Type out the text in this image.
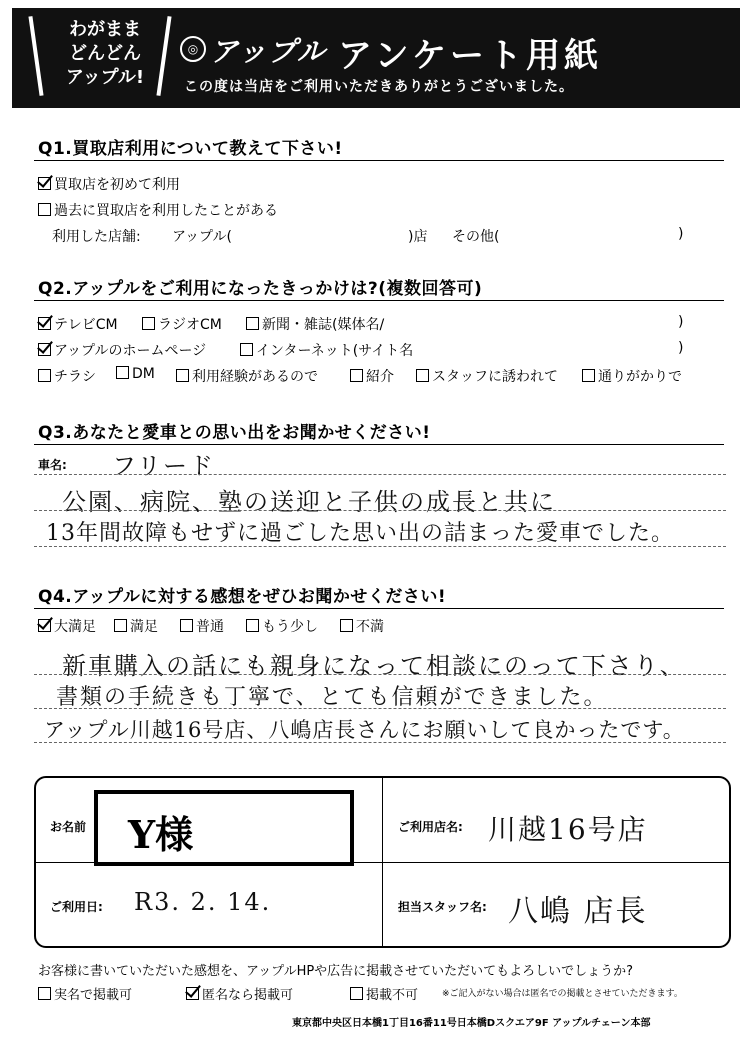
わがまま
どんどん
アップル!
◎ アップル アンケート用紙
この度は当店をご利用いただきありがとうございました。
Q1.買取店利用について教えて下さい!
買取店を初めて利用
過去に買取店を利用したことがある
利用した店舗: アップル(	)店 その他(	)
Q2.アップルをご利用になったきっかけは?(複数回答可)
テレビCM	ラジオCM	新聞・雑誌(媒体名/	)
アップルのホームページ	インターネット(サイト名	)
チラシ	DM	利用経験があるので	紹介	スタッフに誘われて	通りがかりで
Q3.あなたと愛車との思い出をお聞かせください!
車名: フリード
公園、病院、塾の送迎と子供の成長と共に
13年間故障もせずに過ごした思い出の詰まった愛車でした。
Q4.アップルに対する感想をぜひお聞かせください!
大満足	満足	普通	もう少し	不満
新車購入の話にも親身になって相談にのって下さり、
書類の手続きも丁寧で、とても信頼ができました。
アップル川越16号店、八嶋店長さんにお願いして良かったです。
お名前 Y様	ご利用店名: 川越16号店
ご利用日: R3. 2. 14.	担当スタッフ名: 八嶋 店長
お客様に書いていただいた感想を、アップルHPや広告に掲載させていただいてもよろしいでしょうか?
実名で掲載可	匿名なら掲載可	掲載不可	※ご記入がない場合は匿名での掲載とさせていただきます。
東京都中央区日本橋1丁目16番11号日本橋Dスクエア9F アップルチェーン本部
